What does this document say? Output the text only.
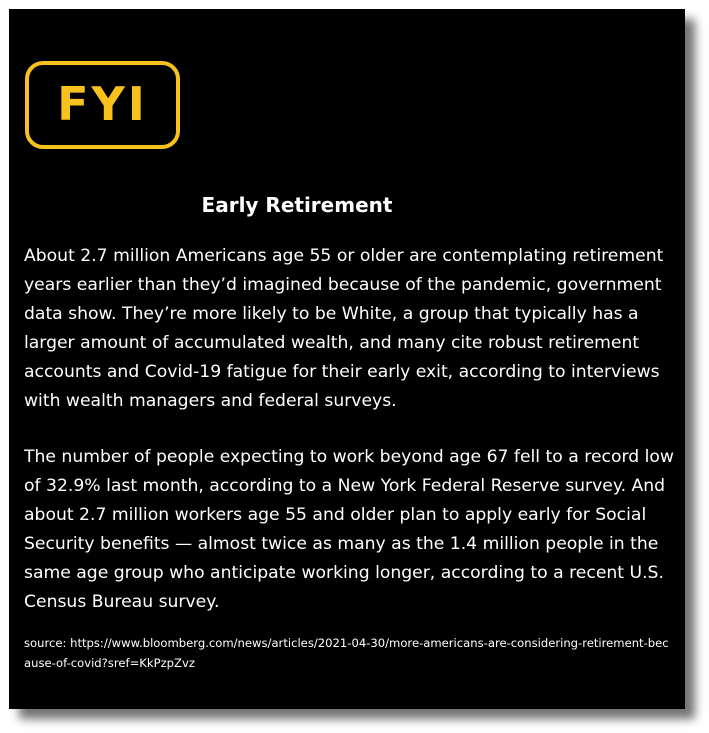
FYI
Early Retirement

About 2.7 million Americans age 55 or older are contemplating retirement years earlier than they’d imagined because of the pandemic, government data show. They’re more likely to be White, a group that typically has a larger amount of accumulated wealth, and many cite robust retirement accounts and Covid-19 fatigue for their early exit, according to interviews with wealth managers and federal surveys.

The number of people expecting to work beyond age 67 fell to a record low of 32.9% last month, according to a New York Federal Reserve survey. And about 2.7 million workers age 55 and older plan to apply early for Social Security benefits — almost twice as many as the 1.4 million people in the same age group who anticipate working longer, according to a recent U.S. Census Bureau survey.

source: https://www.bloomberg.com/news/articles/2021-04-30/more-americans-are-considering-retirement-because-of-covid?sref=KkPzpZvz
